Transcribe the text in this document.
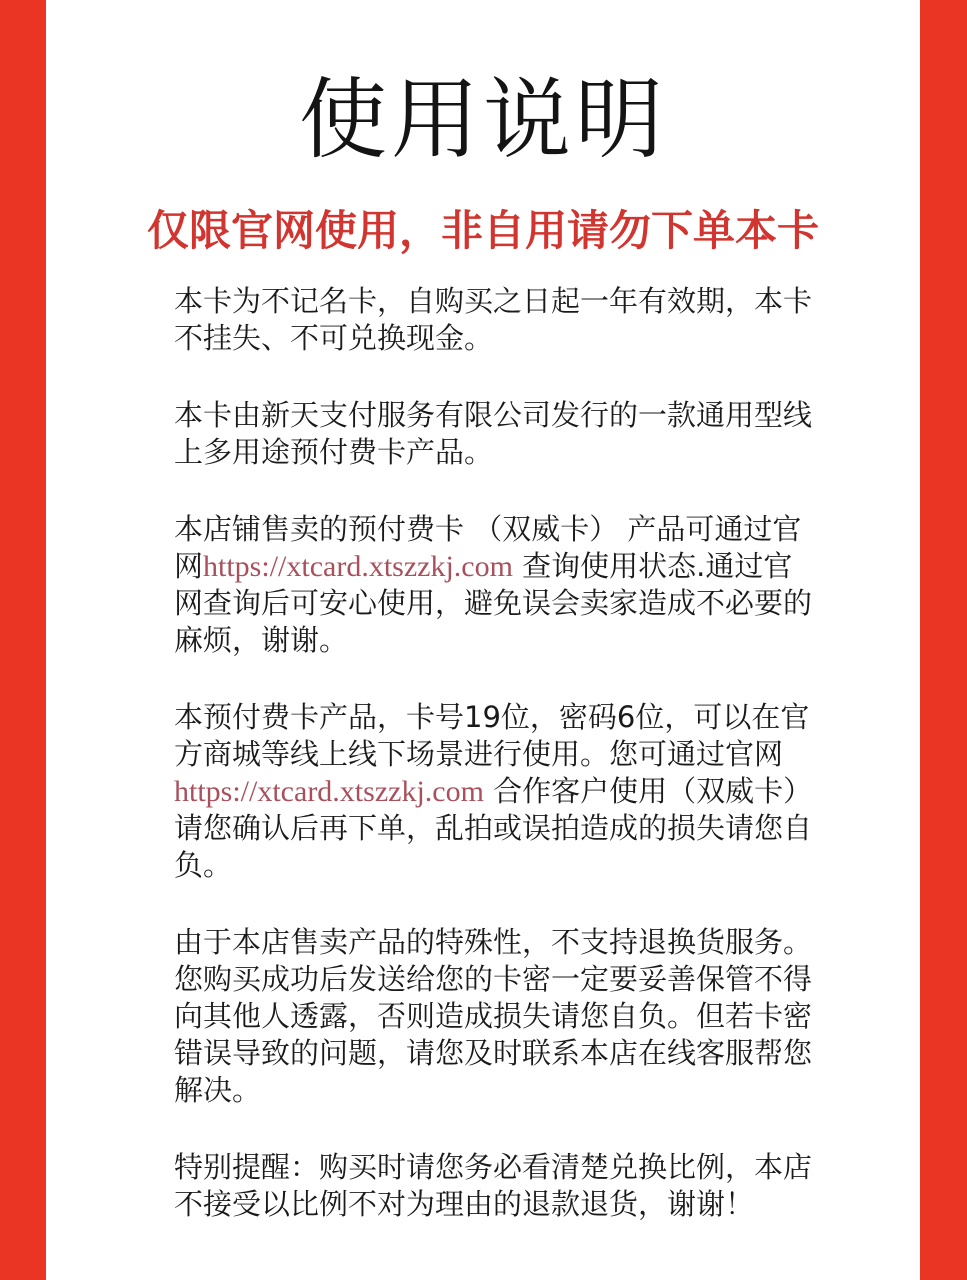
使用说明
仅限官网使用，非自用请勿下单本卡

本卡为不记名卡，自购买之日起一年有效期，本卡不挂失、不可兑换现金。

本卡由新天支付服务有限公司发行的一款通用型线上多用途预付费卡产品。

本店铺售卖的预付费卡 （双威卡） 产品可通过官网https://xtcard.xtszzkj.com 查询使用状态.通过官网查询后可安心使用，避免误会卖家造成不必要的麻烦，谢谢。

本预付费卡产品，卡号19位，密码6位，可以在官方商城等线上线下场景进行使用。您可通过官网 https://xtcard.xtszzkj.com 合作客户使用（双威卡）请您确认后再下单，乱拍或误拍造成的损失请您自负。

由于本店售卖产品的特殊性，不支持退换货服务。您购买成功后发送给您的卡密一定要妥善保管不得向其他人透露，否则造成损失请您自负。但若卡密错误导致的问题，请您及时联系本店在线客服帮您解决。

特别提醒：购买时请您务必看清楚兑换比例，本店不接受以比例不对为理由的退款退货，谢谢！
